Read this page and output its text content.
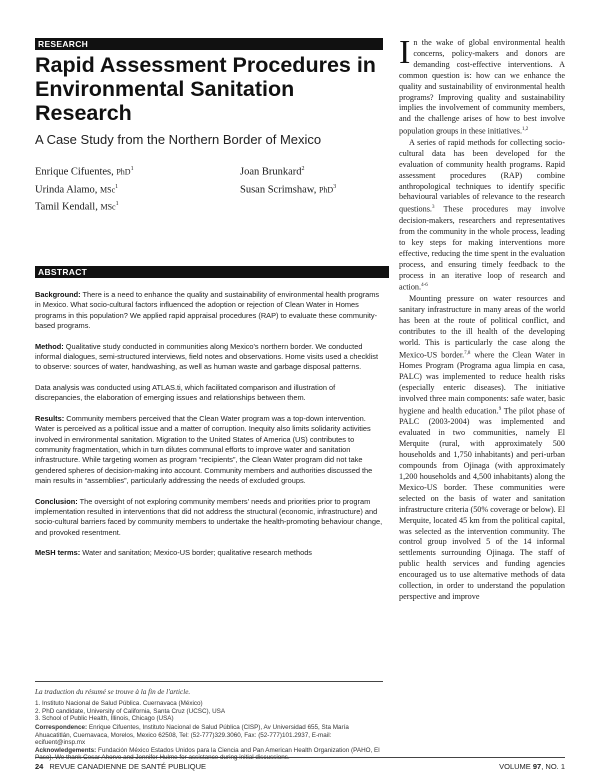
RESEARCH
Rapid Assessment Procedures in
Environmental Sanitation
Research
A Case Study from the Northern Border of Mexico
Enrique Cifuentes, PhD$^1$
Urinda Alamo, MSc$^1$
Tamil Kendall, MSc$^1$
Joan Brunkard$^2$
Susan Scrimshaw, PhD$^3$
ABSTRACT

Background: There is a need to enhance the quality and sustainability of environmental health programs in Mexico. What socio-cultural factors influenced the adoption or rejection of Clean Water in Homes programs in this population? We applied rapid appraisal procedures (RAP) to evaluate these community-based programs.

Method: Qualitative study conducted in communities along Mexico's northern border. We conducted informal dialogues, semi-structured interviews, field notes and observations. Home visits used a checklist to observe: sources of water, handwashing, as well as human waste and garbage disposal patterns.

Data analysis was conducted using ATLAS.ti, which facilitated comparison and illustration of discrepancies, the elaboration of emerging issues and relationships between them.

Results: Community members perceived that the Clean Water program was a top-down intervention. Water is perceived as a political issue and a matter of corruption. Inequity also limits solidarity activities involved in environmental sanitation. Migration to the United States of America (US) contributes to community fragmentation, which in turn dilutes communal efforts to improve water and sanitation infrastructure. While targeting women as program “recipients”, the Clean Water program did not take gendered spheres of decision-making into account. Community members and authorities discussed the main results in “assemblies”, particularly addressing the needs of excluded groups.

Conclusion: The oversight of not exploring community members' needs and priorities prior to program implementation resulted in interventions that did not address the structural (economic, infrastructure) and socio-cultural barriers faced by community members to undertake the health-promoting behaviour change, and provoked resentment.

MeSH terms: Water and sanitation; Mexico-US border; qualitative research methods

La traduction du résumé se trouve à la fin de l'article.
1. Instituto Nacional de Salud Pública. Cuernavaca (México)
2. PhD candidate, University of California, Santa Cruz (UCSC), USA
3. School of Public Health, Illinois, Chicago (USA)

Correspondence: Enrique Cifuentes, Instituto Nacional de Salud Pública (CISP), Av Universidad 655, Sta María Ahuacatitlán, Cuernavaca, Morelos, Mexico 62508, Tel: (52-777)329.3060, Fax: (52-777)101.2937, E-mail: ecifuent@insp.mx

Acknowledgements: Fundación México Estados Unidos para la Ciencia and Pan American Health Organization (PAHO, El Paso). We thank Cesar Ahorve and Jennifer Hulme for assistance during initial discussions.

In the wake of global environmental health concerns, policy-makers and donors are demanding cost-effective interventions. A common question is: how can we enhance the quality and sustainability of environmental health programs? Improving quality and sustainability implies the involvement of community members, and the challenge arises of how to best involve population groups in these initiatives.$^{1,2}$

A series of rapid methods for collecting socio-cultural data has been developed for the evaluation of community health programs. Rapid assessment procedures (RAP) combine anthropological techniques to identify specific behavioural variables of relevance to the research questions.$^3$ These procedures may involve decision-makers, researchers and representatives from the community in the whole process, leading to key steps for making interventions more effective, reducing the time spent in the evaluation process, and ensuring timely feedback to the process in an iterative loop of research and action.$^{4-6}$

Mounting pressure on water resources and sanitary infrastructure in many areas of the world has been at the route of political conflict, and contributes to the ill health of the developing world. This is particularly the case along the Mexico-US border.$^{7,8}$ where the Clean Water in Homes Program (Programa agua limpia en casa, PALC) was implemented to reduce health risks (especially enteric diseases). The initiative involved three main components: safe water, basic hygiene and health education.$^9$ The pilot phase of PALC (2003-2004) was implemented and evaluated in two communities, namely El Merquite (rural, with approximately 500 households and 1,750 inhabitants) and peri-urban compounds from Ojinaga (with approximately 1,200 households and 4,500 inhabitants) along the Mexico-US border. These communities were selected on the basis of water and sanitation infrastructure criteria (50% coverage or below). El Merquite, located 45 km from the political capital, was selected as the intervention community. The control group involved 5 of the 14 informal settlements surrounding Ojinaga. The staff of public health services and funding agencies encouraged us to use alternative methods of data collection, in order to understand the population perspective and improve

24 REVUE CANADIENNE DE SANTÉ PUBLIQUE	VOLUME 97, NO. 1
